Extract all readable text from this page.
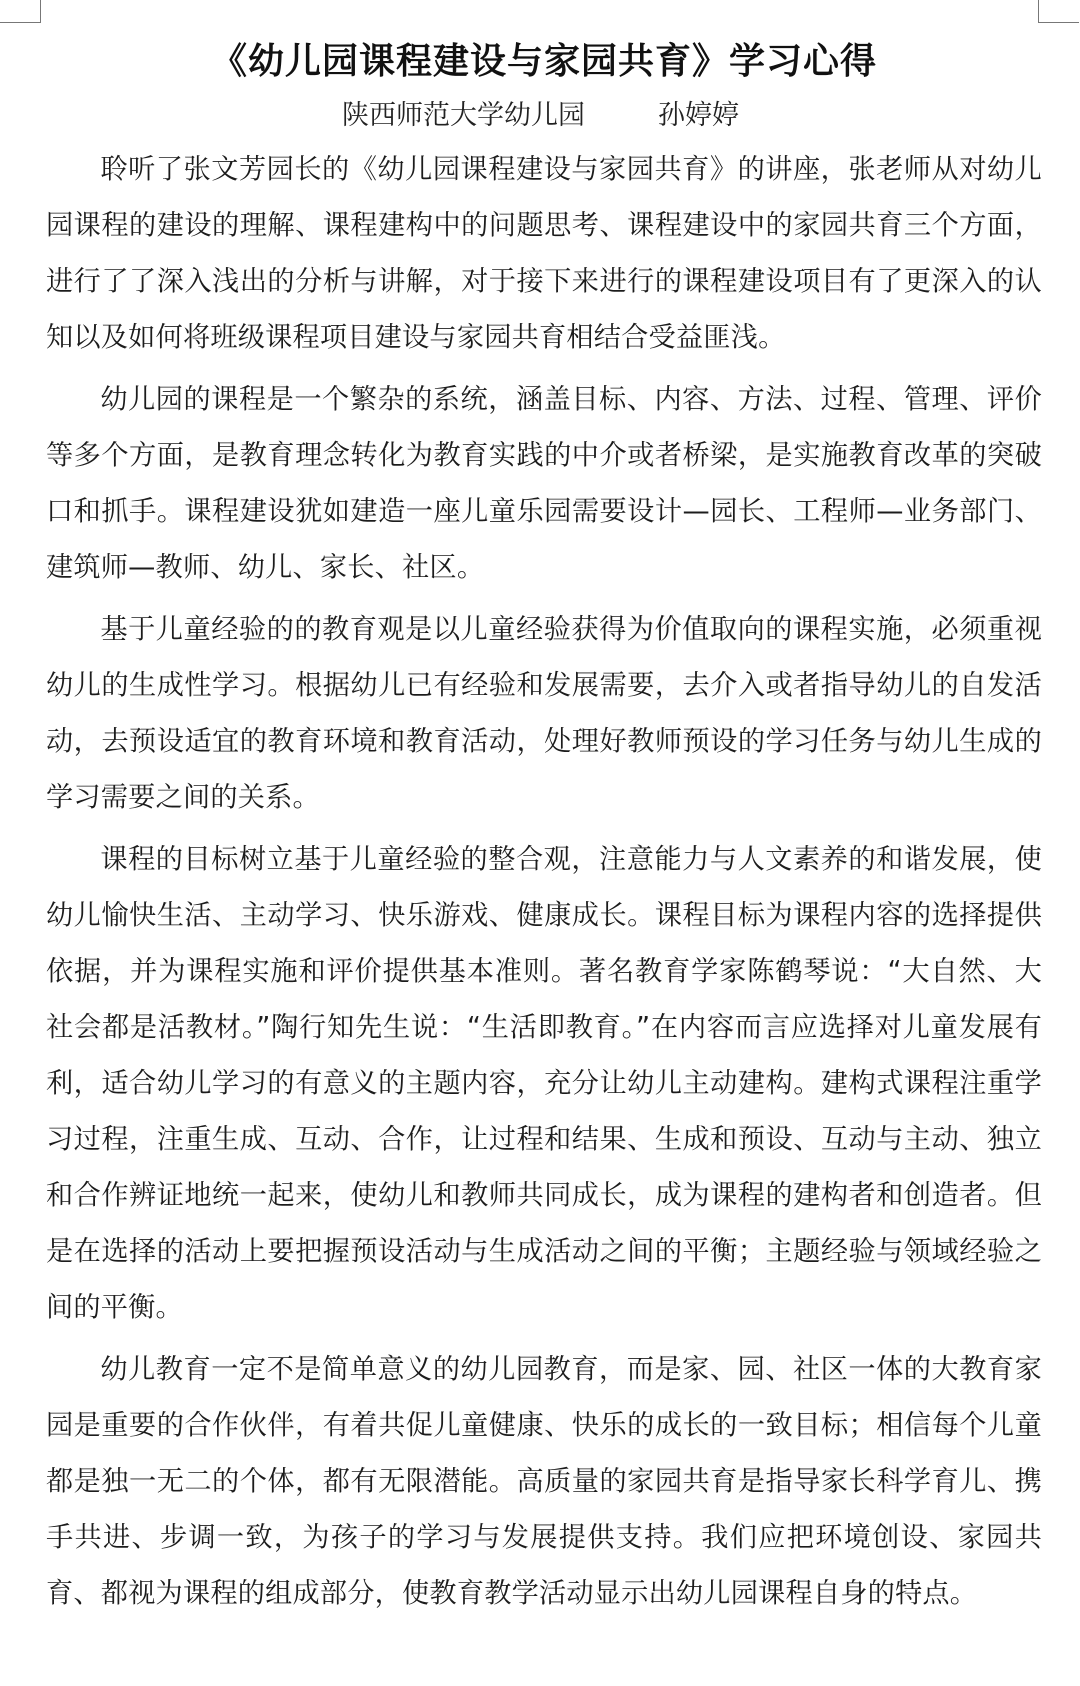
《幼儿园课程建设与家园共育》学习心得
陕西师范大学幼儿园	孙婷婷

聆听了张文芳园长的《幼儿园课程建设与家园共育》的讲座，张老师从对幼儿园课程的建设的理解、课程建构中的问题思考、课程建设中的家园共育三个方面，进行了了深入浅出的分析与讲解，对于接下来进行的课程建设项目有了更深入的认知以及如何将班级课程项目建设与家园共育相结合受益匪浅。

幼儿园的课程是一个繁杂的系统，涵盖目标、内容、方法、过程、管理、评价等多个方面，是教育理念转化为教育实践的中介或者桥梁，是实施教育改革的突破口和抓手。课程建设犹如建造一座儿童乐园需要设计—园长、工程师—业务部门、建筑师—教师、幼儿、家长、社区。

基于儿童经验的的教育观是以儿童经验获得为价值取向的课程实施，必须重视幼儿的生成性学习。根据幼儿已有经验和发展需要，去介入或者指导幼儿的自发活动，去预设适宜的教育环境和教育活动，处理好教师预设的学习任务与幼儿生成的学习需要之间的关系。

课程的目标树立基于儿童经验的整合观，注意能力与人文素养的和谐发展，使幼儿愉快生活、主动学习、快乐游戏、健康成长。课程目标为课程内容的选择提供依据，并为课程实施和评价提供基本准则。著名教育学家陈鹤琴说：“大自然、大社会都是活教材。”陶行知先生说：“生活即教育。”在内容而言应选择对儿童发展有利，适合幼儿学习的有意义的主题内容，充分让幼儿主动建构。建构式课程注重学习过程，注重生成、互动、合作，让过程和结果、生成和预设、互动与主动、独立和合作辨证地统一起来，使幼儿和教师共同成长，成为课程的建构者和创造者。但是在选择的活动上要把握预设活动与生成活动之间的平衡；主题经验与领域经验之间的平衡。

幼儿教育一定不是简单意义的幼儿园教育，而是家、园、社区一体的大教育家园是重要的合作伙伴，有着共促儿童健康、快乐的成长的一致目标；相信每个儿童都是独一无二的个体，都有无限潜能。高质量的家园共育是指导家长科学育儿、携手共进、步调一致，为孩子的学习与发展提供支持。我们应把环境创设、家园共育、都视为课程的组成部分，使教育教学活动显示出幼儿园课程自身的特点。
